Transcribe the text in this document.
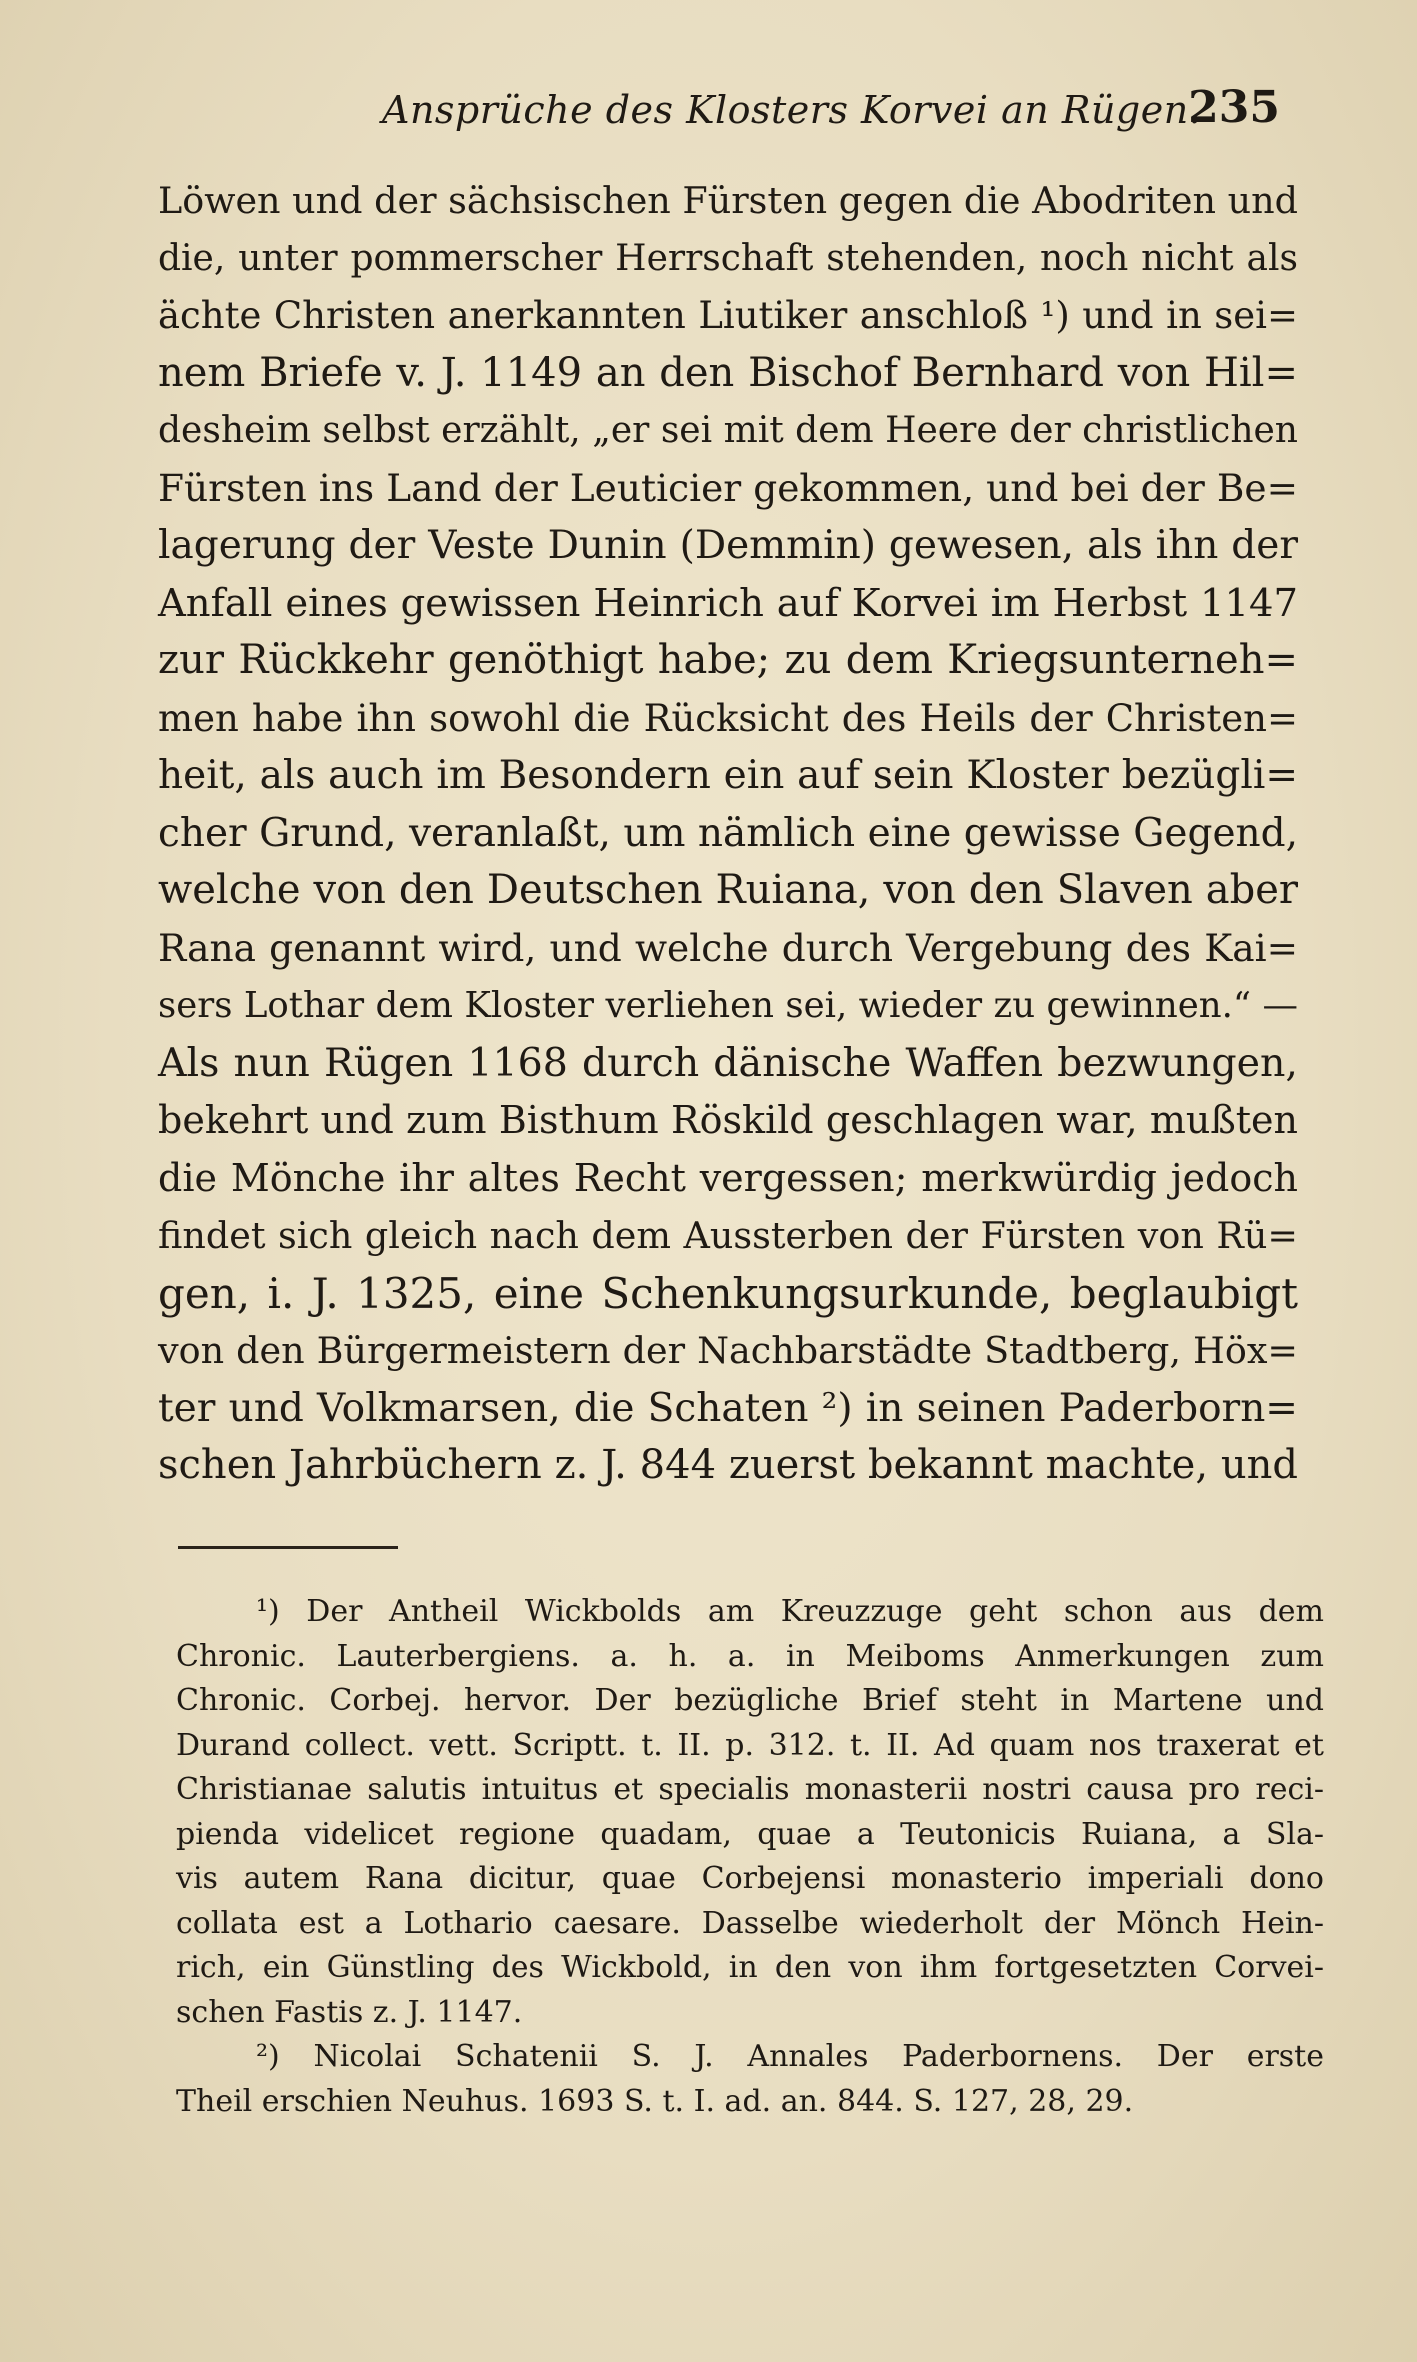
Ansprüche des Klosters Korvei an Rügen.
235
Löwen und der sächsischen Fürsten gegen die Abodriten und
die, unter pommerscher Herrschaft stehenden, noch nicht als
ächte Christen anerkannten Liutiker anschloß ¹) und in sei=
nem Briefe v. J. 1149 an den Bischof Bernhard von Hil=
desheim selbst erzählt, „er sei mit dem Heere der christlichen
Fürsten ins Land der Leuticier gekommen, und bei der Be=
lagerung der Veste Dunin (Demmin) gewesen, als ihn der
Anfall eines gewissen Heinrich auf Korvei im Herbst 1147
zur Rückkehr genöthigt habe; zu dem Kriegsunterneh=
men habe ihn sowohl die Rücksicht des Heils der Christen=
heit, als auch im Besondern ein auf sein Kloster bezügli=
cher Grund, veranlaßt, um nämlich eine gewisse Gegend,
welche von den Deutschen Ruiana, von den Slaven aber
Rana genannt wird, und welche durch Vergebung des Kai=
sers Lothar dem Kloster verliehen sei, wieder zu gewinnen.“ —
Als nun Rügen 1168 durch dänische Waffen bezwungen,
bekehrt und zum Bisthum Röskild geschlagen war, mußten
die Mönche ihr altes Recht vergessen; merkwürdig jedoch
findet sich gleich nach dem Aussterben der Fürsten von Rü=
gen, i. J. 1325, eine Schenkungsurkunde, beglaubigt
von den Bürgermeistern der Nachbarstädte Stadtberg, Höx=
ter und Volkmarsen, die Schaten ²) in seinen Paderborn=
schen Jahrbüchern z. J. 844 zuerst bekannt machte, und
¹) Der Antheil Wickbolds am Kreuzzuge geht schon aus dem
Chronic. Lauterbergiens. a. h. a. in Meiboms Anmerkungen zum
Chronic. Corbej. hervor. Der bezügliche Brief steht in Martene und
Durand collect. vett. Scriptt. t. II. p. 312. t. II. Ad quam nos traxerat et
Christianae salutis intuitus et specialis monasterii nostri causa pro reci-
pienda videlicet regione quadam, quae a Teutonicis Ruiana, a Sla-
vis autem Rana dicitur, quae Corbejensi monasterio imperiali dono
collata est a Lothario caesare. Dasselbe wiederholt der Mönch Hein-
rich, ein Günstling des Wickbold, in den von ihm fortgesetzten Corvei-
schen Fastis z. J. 1147.
²) Nicolai Schatenii S. J. Annales Paderbornens. Der erste
Theil erschien Neuhus. 1693 S. t. I. ad. an. 844. S. 127, 28, 29.
